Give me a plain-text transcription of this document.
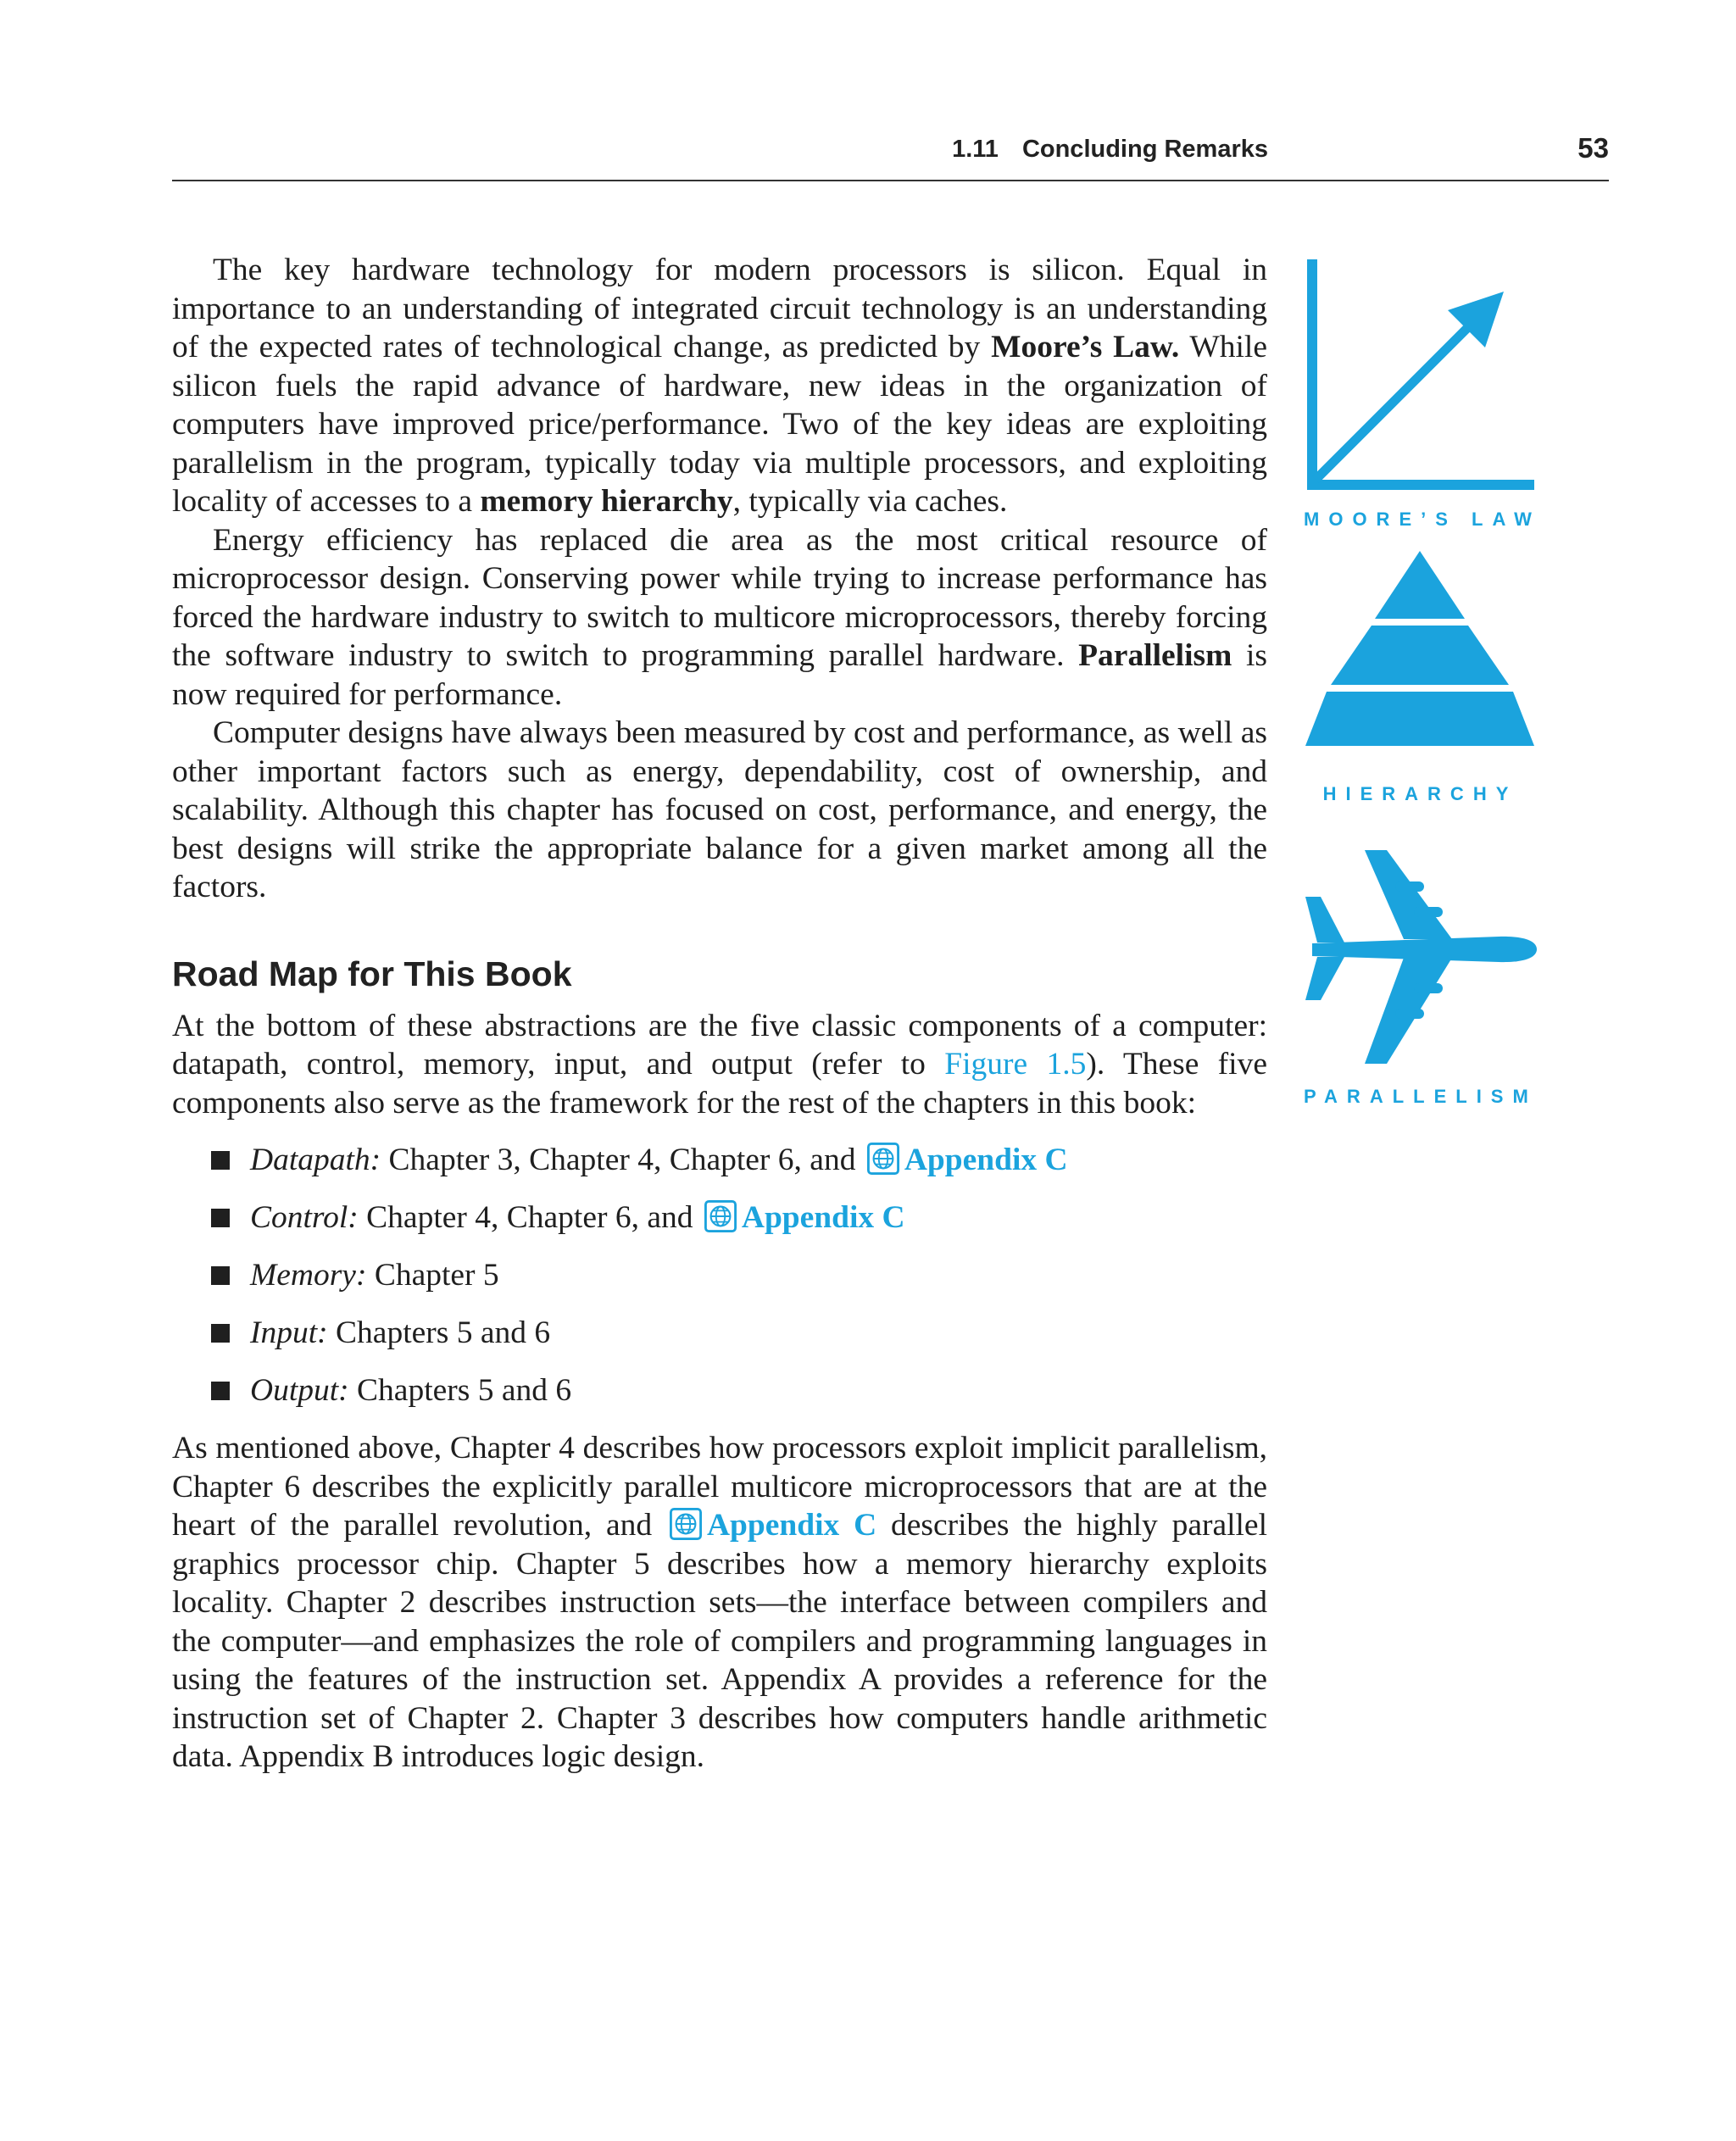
1.11 Concluding Remarks	53

The key hardware technology for modern processors is silicon. Equal in importance to an understanding of integrated circuit technology is an understanding of the expected rates of technological change, as predicted by Moore’s Law. While silicon fuels the rapid advance of hardware, new ideas in the organization of computers have improved price/performance. Two of the key ideas are exploiting parallelism in the program, typically today via multiple processors, and exploiting locality of accesses to a memory hierarchy, typically via caches.

Energy efficiency has replaced die area as the most critical resource of microprocessor design. Conserving power while trying to increase performance has forced the hardware industry to switch to multicore microprocessors, thereby forcing the software industry to switch to programming parallel hardware. Parallelism is now required for performance.

Computer designs have always been measured by cost and performance, as well as other important factors such as energy, dependability, cost of ownership, and scalability. Although this chapter has focused on cost, performance, and energy, the best designs will strike the appropriate balance for a given market among all the factors.

Road Map for This Book

At the bottom of these abstractions are the five classic components of a computer: datapath, control, memory, input, and output (refer to Figure 1.5). These five components also serve as the framework for the rest of the chapters in this book:

Datapath: Chapter 3, Chapter 4, Chapter 6, and Appendix C
Control: Chapter 4, Chapter 6, and Appendix C
Memory: Chapter 5
Input: Chapters 5 and 6
Output: Chapters 5 and 6

As mentioned above, Chapter 4 describes how processors exploit implicit parallelism, Chapter 6 describes the explicitly parallel multicore microprocessors that are at the heart of the parallel revolution, and Appendix C describes the highly parallel graphics processor chip. Chapter 5 describes how a memory hierarchy exploits locality. Chapter 2 describes instruction sets—the interface between compilers and the computer—and emphasizes the role of compilers and programming languages in using the features of the instruction set. Appendix A provides a reference for the instruction set of Chapter 2. Chapter 3 describes how computers handle arithmetic data. Appendix B introduces logic design.

MOORE’S LAW
HIERARCHY
PARALLELISM
